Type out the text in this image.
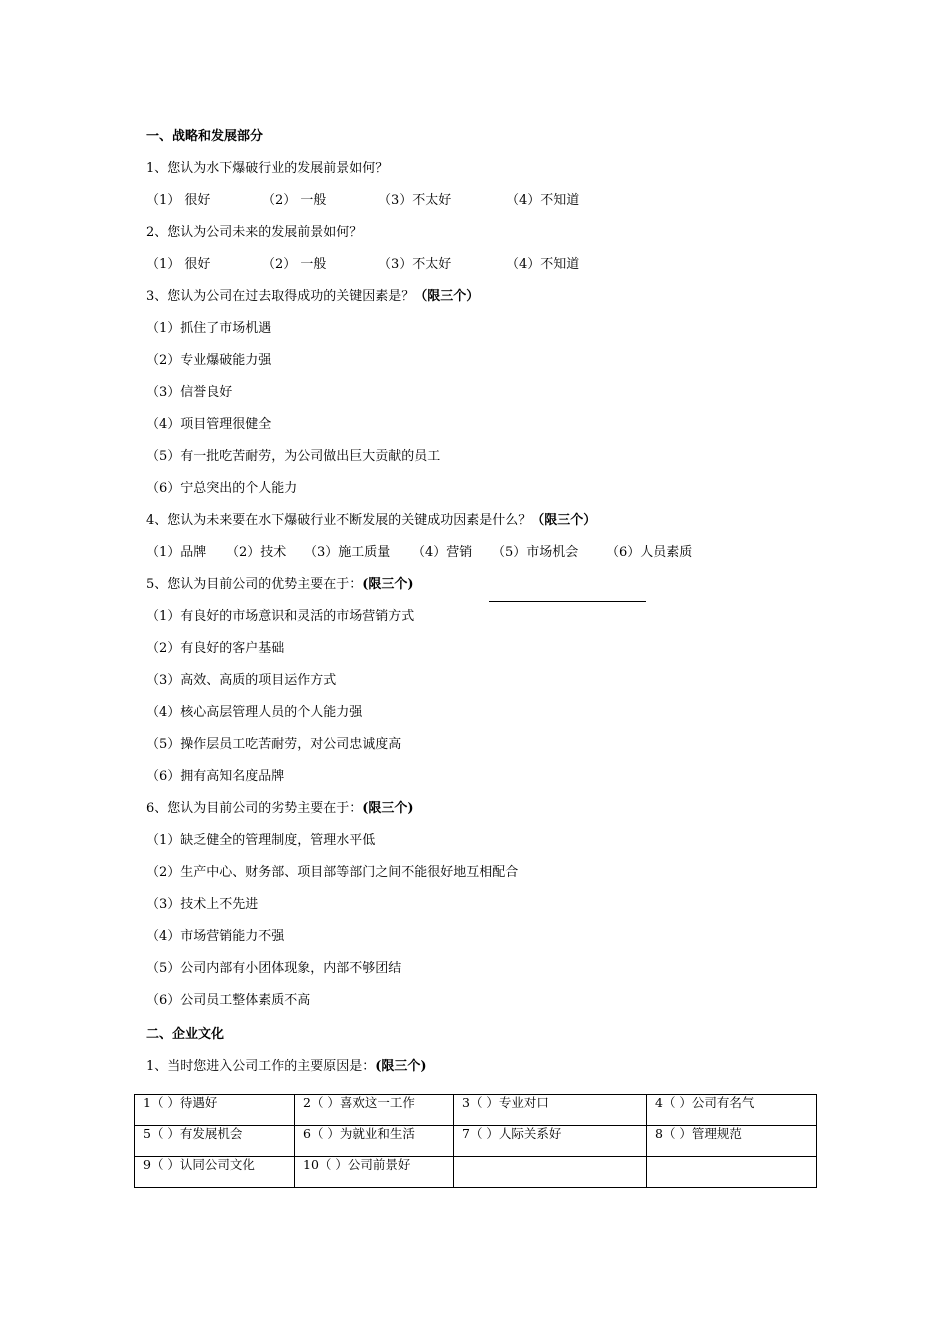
一、战略和发展部分
1、您认为水下爆破行业的发展前景如何？
（1） 很好	（2） 一般	（3）不太好	（4）不知道
2、您认为公司未来的发展前景如何？
（1） 很好	（2） 一般	（3）不太好	（4）不知道
3、您认为公司在过去取得成功的关键因素是？（限三个）
（1）抓住了市场机遇
（2）专业爆破能力强
（3）信誉良好
（4）项目管理很健全
（5）有一批吃苦耐劳，为公司做出巨大贡献的员工
（6）宁总突出的个人能力
4、您认为未来要在水下爆破行业不断发展的关键成功因素是什么？（限三个）
（1）品牌 （2）技术 （3）施工质量 （4）营销 （5）市场机会 （6）人员素质
5、您认为目前公司的优势主要在于：(限三个)
（1）有良好的市场意识和灵活的市场营销方式
（2）有良好的客户基础
（3）高效、高质的项目运作方式
（4）核心高层管理人员的个人能力强
（5）操作层员工吃苦耐劳，对公司忠诚度高
（6）拥有高知名度品牌
6、您认为目前公司的劣势主要在于：(限三个)
（1）缺乏健全的管理制度，管理水平低
（2）生产中心、财务部、项目部等部门之间不能很好地互相配合
（3）技术上不先进
（4）市场营销能力不强
（5）公司内部有小团体现象，内部不够团结
（6）公司员工整体素质不高
二、企业文化
1、当时您进入公司工作的主要原因是：(限三个)
1（ ）待遇好	2（ ）喜欢这一工作	3（ ）专业对口	4（ ）公司有名气
5（ ）有发展机会	6（ ）为就业和生活	7（ ）人际关系好	8（ ）管理规范
9（ ）认同公司文化	10（ ）公司前景好		
